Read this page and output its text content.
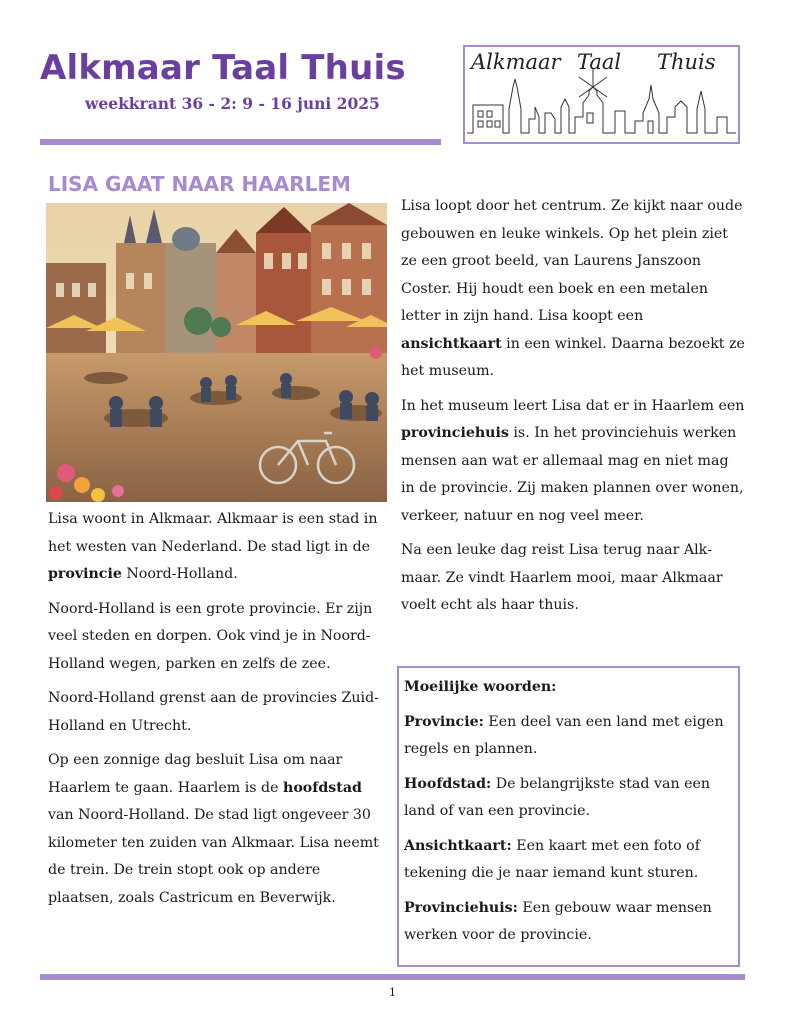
Alkmaar Taal Thuis
weekkrant 36 - 2: 9 - 16 juni 2025
Alkmaar Taal Thuis
LISA GAAT NAAR HAARLEM

Lisa woont in Alkmaar. Alkmaar is een stad in het westen van Nederland. De stad ligt in de provincie Noord-Holland.

Noord-Holland is een grote provincie. Er zijn veel steden en dorpen. Ook vind je in Noord-Holland wegen, parken en zelfs de zee.

Noord-Holland grenst aan de provincies Zuid-Holland en Utrecht.

Op een zonnige dag besluit Lisa om naar Haarlem te gaan. Haarlem is de hoofdstad van Noord-Holland. De stad ligt ongeveer 30 kilometer ten zuiden van Alkmaar. Lisa neemt de trein. De trein stopt ook op andere plaatsen, zoals Castricum en Beverwijk.

Lisa loopt door het centrum. Ze kijkt naar oude gebouwen en leuke winkels. Op het plein ziet ze een groot beeld, van Laurens Janszoon Coster. Hij houdt een boek en een metalen letter in zijn hand. Lisa koopt een ansichtkaart in een winkel. Daarna bezoekt ze het museum.

In het museum leert Lisa dat er in Haarlem een provinciehuis is. In het provinciehuis werken mensen aan wat er allemaal mag en niet mag in de provincie. Zij maken plannen over wonen, verkeer, natuur en nog veel meer.

Na een leuke dag reist Lisa terug naar Alkmaar. Ze vindt Haarlem mooi, maar Alkmaar voelt echt als haar thuis.

Moeilijke woorden:

Provincie: Een deel van een land met eigen regels en plannen.

Hoofdstad: De belangrijkste stad van een land of van een provincie.

Ansichtkaart: Een kaart met een foto of tekening die je naar iemand kunt sturen.

Provinciehuis: Een gebouw waar mensen werken voor de provincie.

1
